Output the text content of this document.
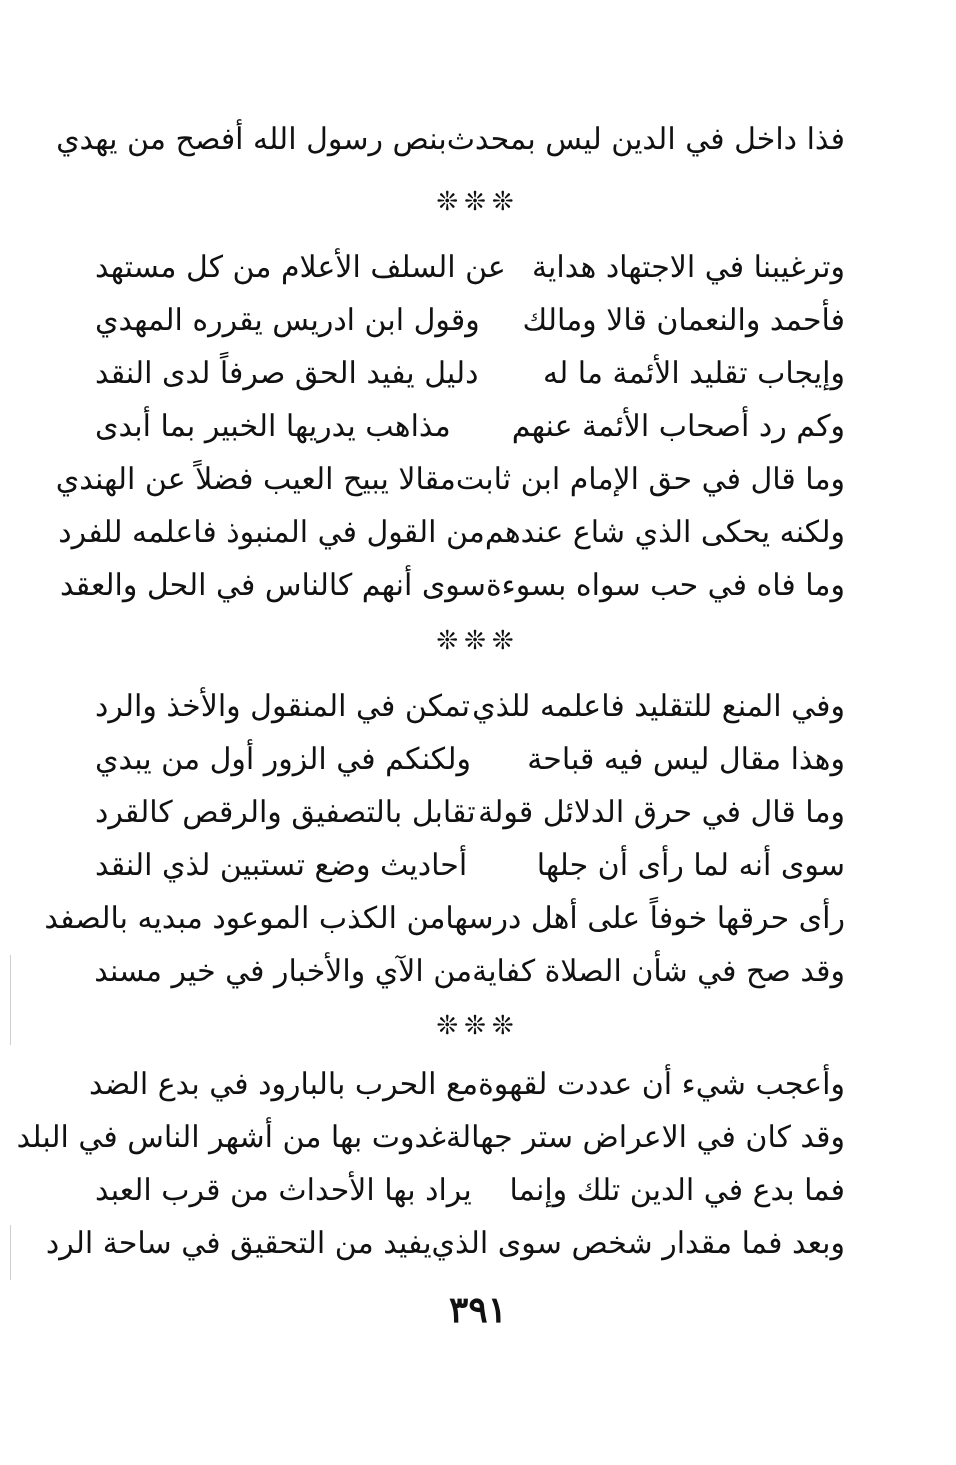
فذا داخل في الدين ليس بمحدث
بنص رسول الله أفصح من يهدي
❊❊❊
وترغيبنا في الاجتهاد هداية
عن السلف الأعلام من كل مستهد
فأحمد والنعمان قالا ومالك
وقول ابن ادريس يقرره المهدي
وإيجاب تقليد الأئمة ما له
دليل يفيد الحق صرفاً لدى النقد
وكم رد أصحاب الأئمة عنهم
مذاهب يدريها الخبير بما أبدى
وما قال في حق الإمام ابن ثابت
مقالا يبيح العيب فضلاً عن الهندي
ولكنه يحكى الذي شاع عندهم
من القول في المنبوذ فاعلمه للفرد
وما فاه في حب سواه بسوءة
سوى أنهم كالناس في الحل والعقد
❊❊❊
وفي المنع للتقليد فاعلمه للذي
تمكن في المنقول والأخذ والرد
وهذا مقال ليس فيه قباحة
ولكنكم في الزور أول من يبدي
وما قال في حرق الدلائل قولة
تقابل بالتصفيق والرقص كالقرد
سوى أنه لما رأى أن جلها
أحاديث وضع تستبين لذي النقد
رأى حرقها خوفاً على أهل درسها
من الكذب الموعود مبديه بالصفد
وقد صح في شأن الصلاة كفاية
من الآي والأخبار في خير مسند
❊❊❊
وأعجب شيء أن عددت لقهوة
مع الحرب بالبارود في بدع الضد
وقد كان في الاعراض ستر جهالة
غدوت بها من أشهر الناس في البلد
فما بدع في الدين تلك وإنما
يراد بها الأحداث من قرب العبد
وبعد فما مقدار شخص سوى الذي
يفيد من التحقيق في ساحة الرد
٣٩١
